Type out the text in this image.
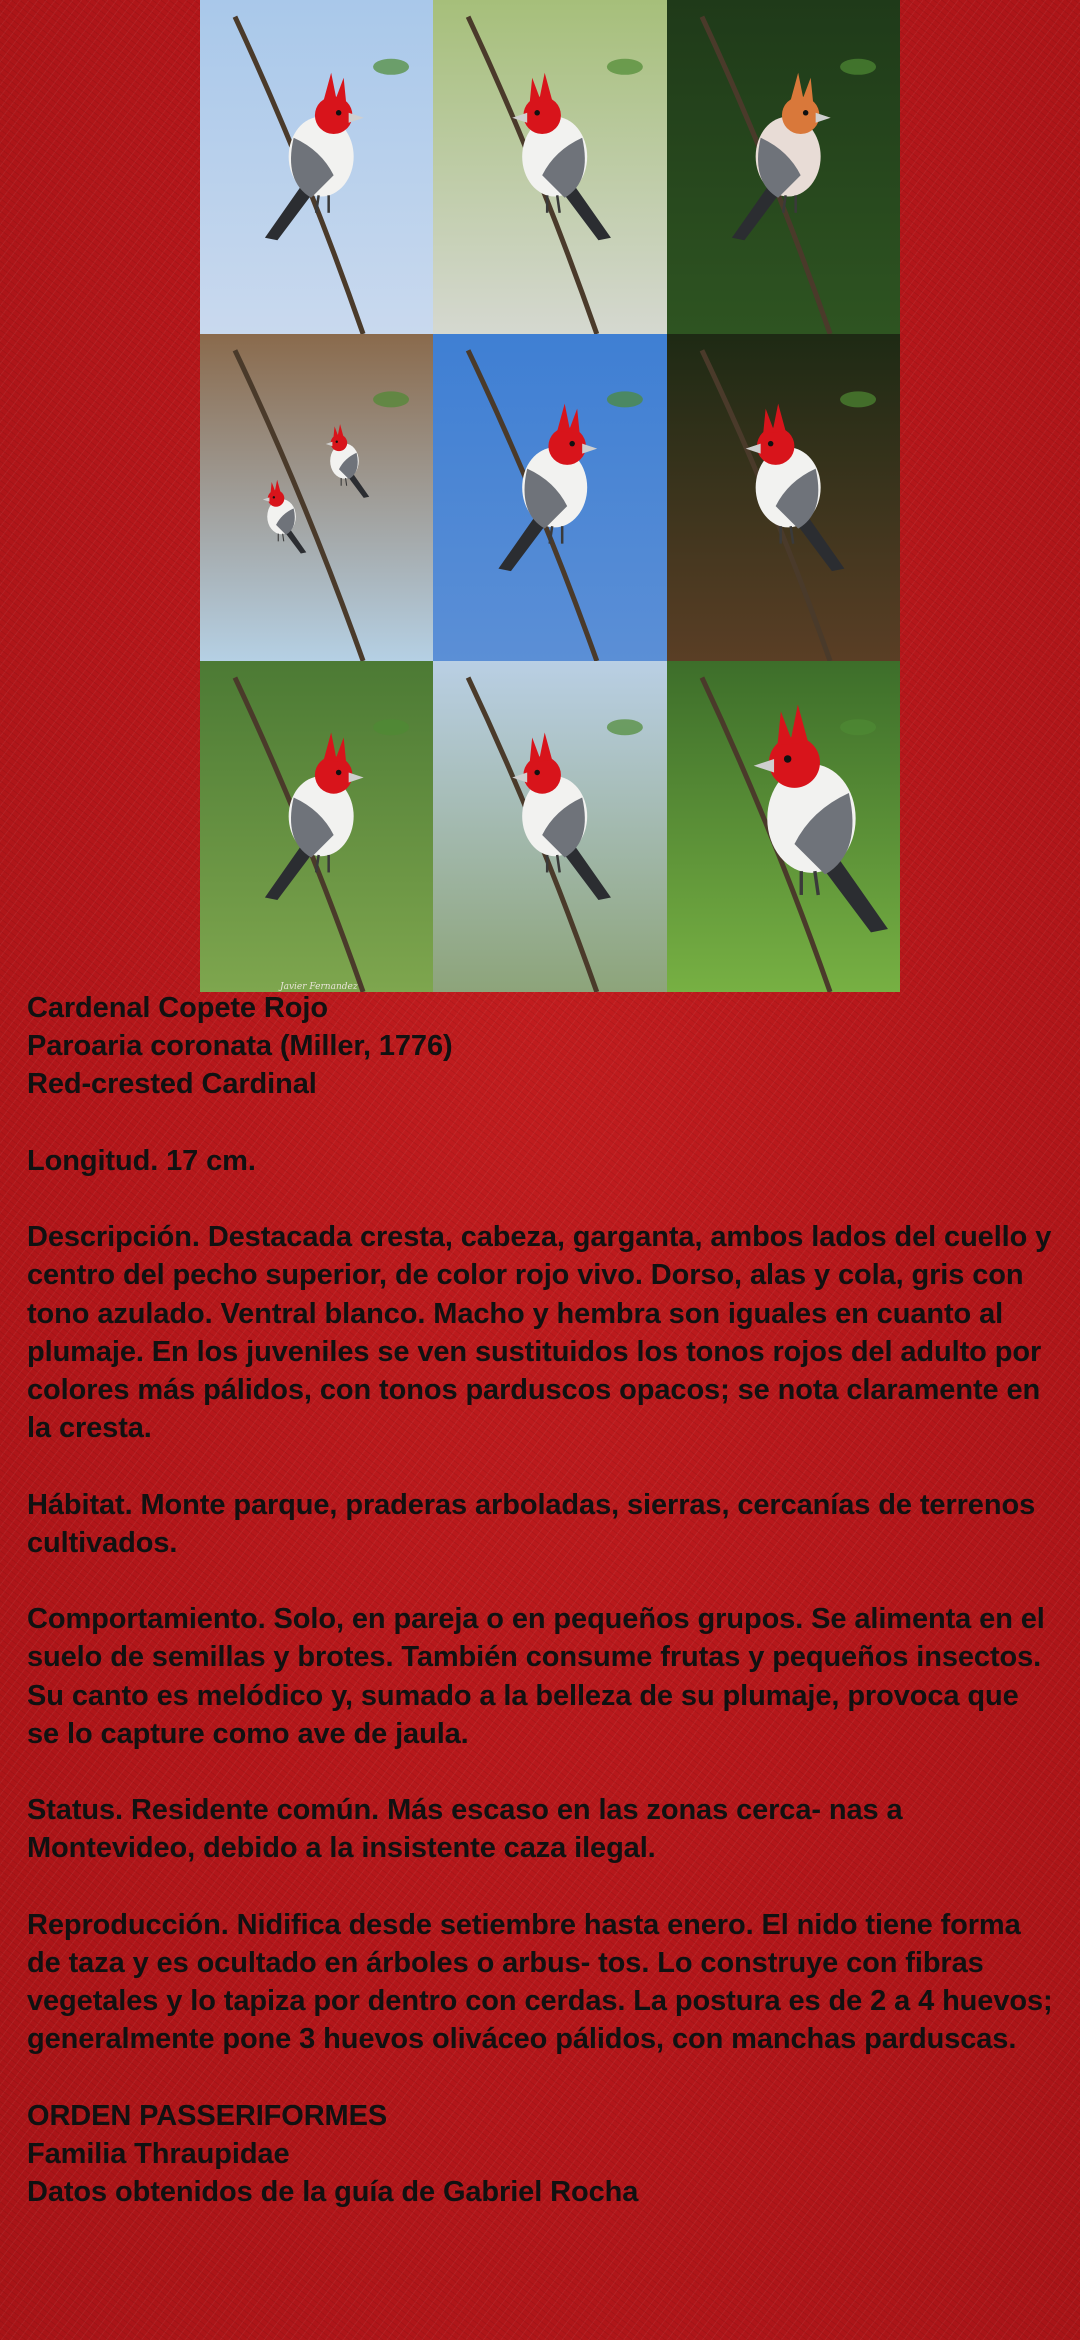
Javier Fernandez

Cardenal Copete Rojo

Paroaria coronata (Miller, 1776)

Red-crested Cardinal

Longitud. 17 cm.

Descripción. Destacada cresta, cabeza, garganta, ambos lados del cuello y centro del pecho superior, de color rojo vivo. Dorso, alas y cola, gris con tono azulado. Ventral blanco. Macho y hembra son iguales en cuanto al plumaje. En los juveniles se ven sustituidos los tonos rojos del adulto por colores más pálidos, con tonos parduscos opacos; se nota claramente en la cresta.

Hábitat. Monte parque, praderas arboladas, sierras, cercanías de terrenos cultivados.

Comportamiento. Solo, en pareja o en pequeños grupos. Se alimenta en el suelo de semillas y brotes. También consume frutas y pequeños insectos. Su canto es melódico y, sumado a la belleza de su plumaje, provoca que se lo capture como ave de jaula.

Status. Residente común. Más escaso en las zonas cerca- nas a Montevideo, debido a la insistente caza ilegal.

Reproducción. Nidifica desde setiembre hasta enero. El nido tiene forma de taza y es ocultado en árboles o arbus- tos. Lo construye con fibras vegetales y lo tapiza por dentro con cerdas. La postura es de 2 a 4 huevos; generalmente pone 3 huevos oliváceo pálidos, con manchas parduscas.

ORDEN PASSERIFORMES

Familia Thraupidae

Datos obtenidos de la guía de Gabriel Rocha
